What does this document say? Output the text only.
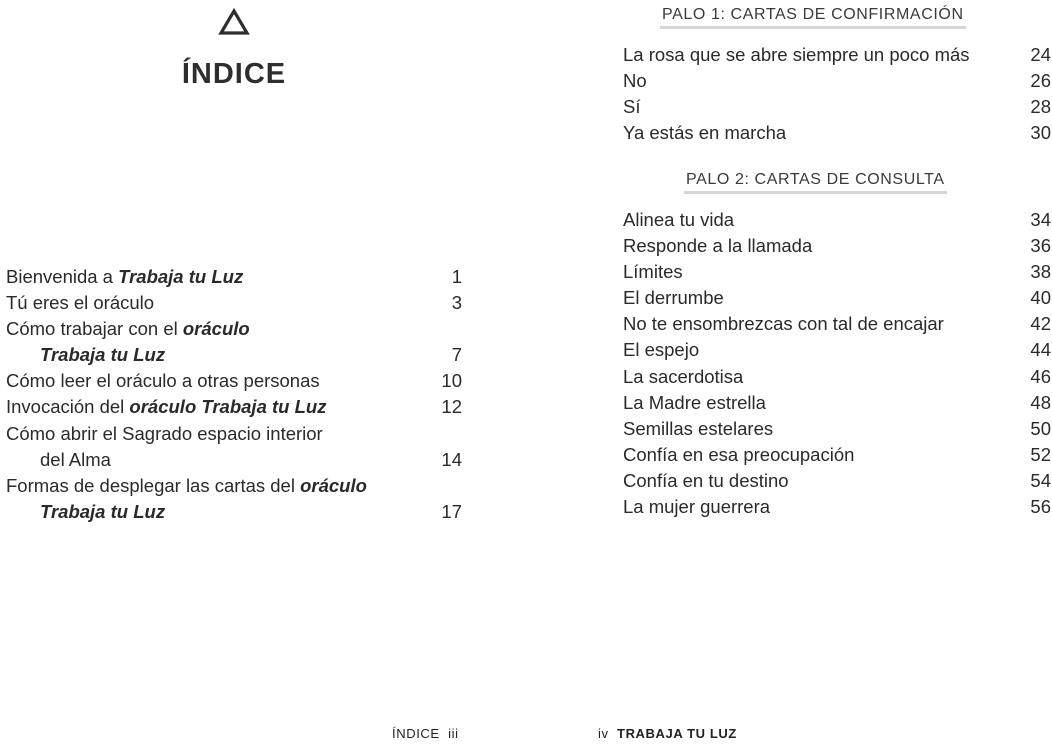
ÍNDICE
Bienvenida a Trabaja tu Luz	1
Tú eres el oráculo	3
Cómo trabajar con el oráculo
Trabaja tu Luz	7
Cómo leer el oráculo a otras personas	10
Invocación del oráculo Trabaja tu Luz	12
Cómo abrir el Sagrado espacio interior
del Alma	14
Formas de desplegar las cartas del oráculo
Trabaja tu Luz	17
ÍNDICE iii
PALO 1: CARTAS DE CONFIRMACIÓN
La rosa que se abre siempre un poco más	24
No	26
Sí	28
Ya estás en marcha	30
PALO 2: CARTAS DE CONSULTA
Alinea tu vida	34
Responde a la llamada	36
Límites	38
El derrumbe	40
No te ensombrezcas con tal de encajar	42
El espejo	44
La sacerdotisa	46
La Madre estrella	48
Semillas estelares	50
Confía en esa preocupación	52
Confía en tu destino	54
La mujer guerrera	56
iv TRABAJA TU LUZ
